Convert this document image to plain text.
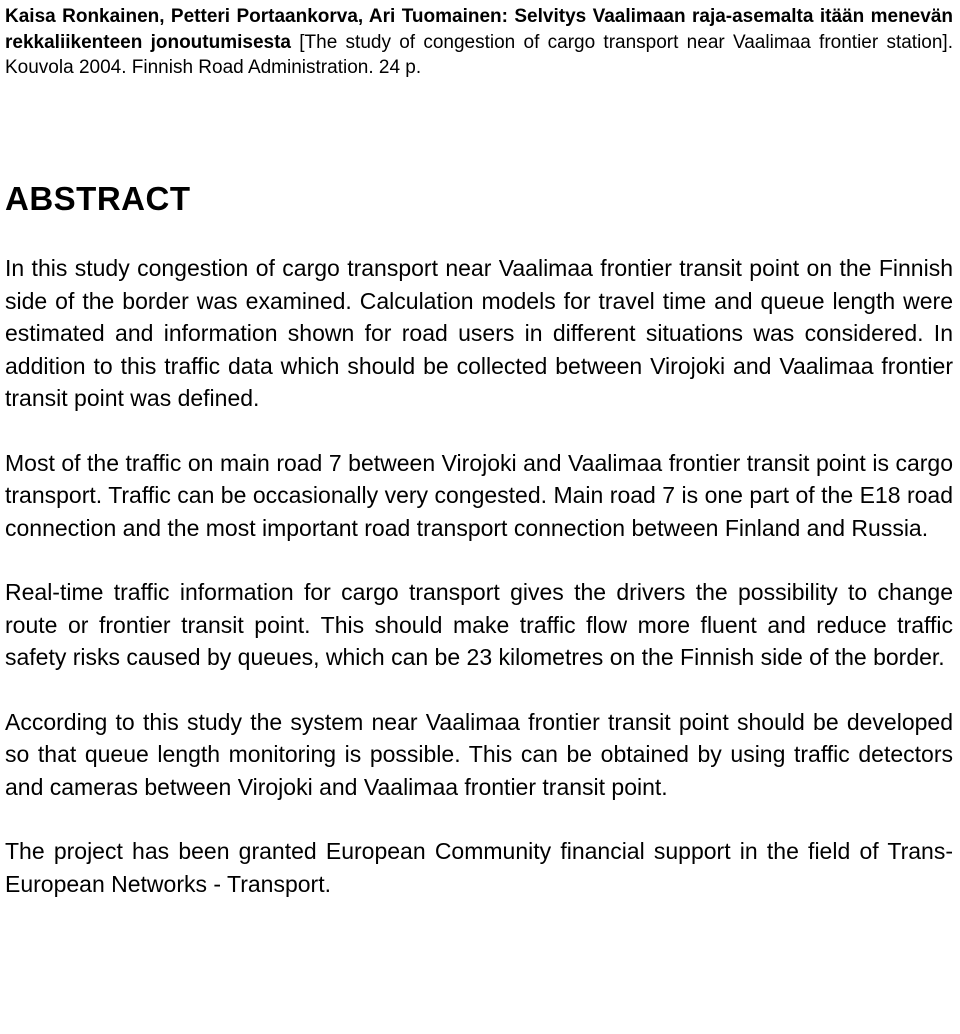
Kaisa Ronkainen, Petteri Portaankorva, Ari Tuomainen: Selvitys Vaalimaan raja-asemalta itään menevän rekkaliikenteen jonoutumisesta [The study of congestion of cargo transport near Vaalimaa frontier station]. Kouvola 2004. Finnish Road Administration. 24 p.

ABSTRACT

In this study congestion of cargo transport near Vaalimaa frontier transit point on the Finnish side of the border was examined. Calculation models for travel time and queue length were estimated and information shown for road users in different situations was considered. In addition to this traffic data which should be collected between Virojoki and Vaalimaa frontier transit point was defined.

Most of the traffic on main road 7 between Virojoki and Vaalimaa frontier transit point is cargo transport. Traffic can be occasionally very congested. Main road 7 is one part of the E18 road connection and the most important road transport connection between Finland and Russia.

Real-time traffic information for cargo transport gives the drivers the possibility to change route or frontier transit point. This should make traffic flow more fluent and reduce traffic safety risks caused by queues, which can be 23 kilometres on the Finnish side of the border.

According to this study the system near Vaalimaa frontier transit point should be developed so that queue length monitoring is possible. This can be obtained by using traffic detectors and cameras between Virojoki and Vaalimaa frontier transit point.

The project has been granted European Community financial support in the field of Trans-European Networks - Transport.
